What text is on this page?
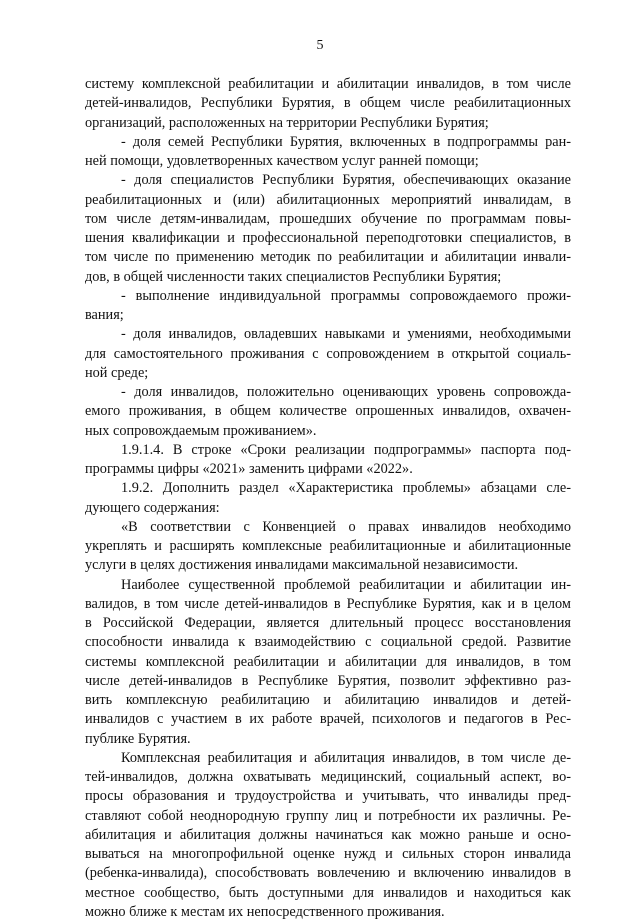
5
систему комплексной реабилитации и абилитации инвалидов, в том числе
детей-инвалидов, Республики Бурятия, в общем числе реабилитационных
организаций, расположенных на территории Республики Бурятия;
- доля семей Республики Бурятия, включенных в подпрограммы ран-
ней помощи, удовлетворенных качеством услуг ранней помощи;
- доля специалистов Республики Бурятия, обеспечивающих оказание
реабилитационных и (или) абилитационных мероприятий инвалидам, в
том числе детям-инвалидам, прошедших обучение по программам повы-
шения квалификации и профессиональной переподготовки специалистов, в
том числе по применению методик по реабилитации и абилитации инвали-
дов, в общей численности таких специалистов Республики Бурятия;
- выполнение индивидуальной программы сопровождаемого прожи-
вания;
- доля инвалидов, овладевших навыками и умениями, необходимыми
для самостоятельного проживания с сопровождением в открытой социаль-
ной среде;
- доля инвалидов, положительно оценивающих уровень сопровожда-
емого проживания, в общем количестве опрошенных инвалидов, охвачен-
ных сопровождаемым проживанием».
1.9.1.4. В строке «Сроки реализации подпрограммы» паспорта под-
программы цифры «2021» заменить цифрами «2022».
1.9.2. Дополнить раздел «Характеристика проблемы» абзацами сле-
дующего содержания:
«В соответствии с Конвенцией о правах инвалидов необходимо
укреплять и расширять комплексные реабилитационные и абилитационные
услуги в целях достижения инвалидами максимальной независимости.
Наиболее существенной проблемой реабилитации и абилитации ин-
валидов, в том числе детей-инвалидов в Республике Бурятия, как и в целом
в Российской Федерации, является длительный процесс восстановления
способности инвалида к взаимодействию с социальной средой. Развитие
системы комплексной реабилитации и абилитации для инвалидов, в том
числе детей-инвалидов в Республике Бурятия, позволит эффективно раз-
вить комплексную реабилитацию и абилитацию инвалидов и детей-
инвалидов с участием в их работе врачей, психологов и педагогов в Рес-
публике Бурятия.
Комплексная реабилитация и абилитация инвалидов, в том числе де-
тей-инвалидов, должна охватывать медицинский, социальный аспект, во-
просы образования и трудоустройства и учитывать, что инвалиды пред-
ставляют собой неоднородную группу лиц и потребности их различны. Ре-
абилитация и абилитация должны начинаться как можно раньше и осно-
вываться на многопрофильной оценке нужд и сильных сторон инвалида
(ребенка-инвалида), способствовать вовлечению и включению инвалидов в
местное сообщество, быть доступными для инвалидов и находиться как
можно ближе к местам их непосредственного проживания.
